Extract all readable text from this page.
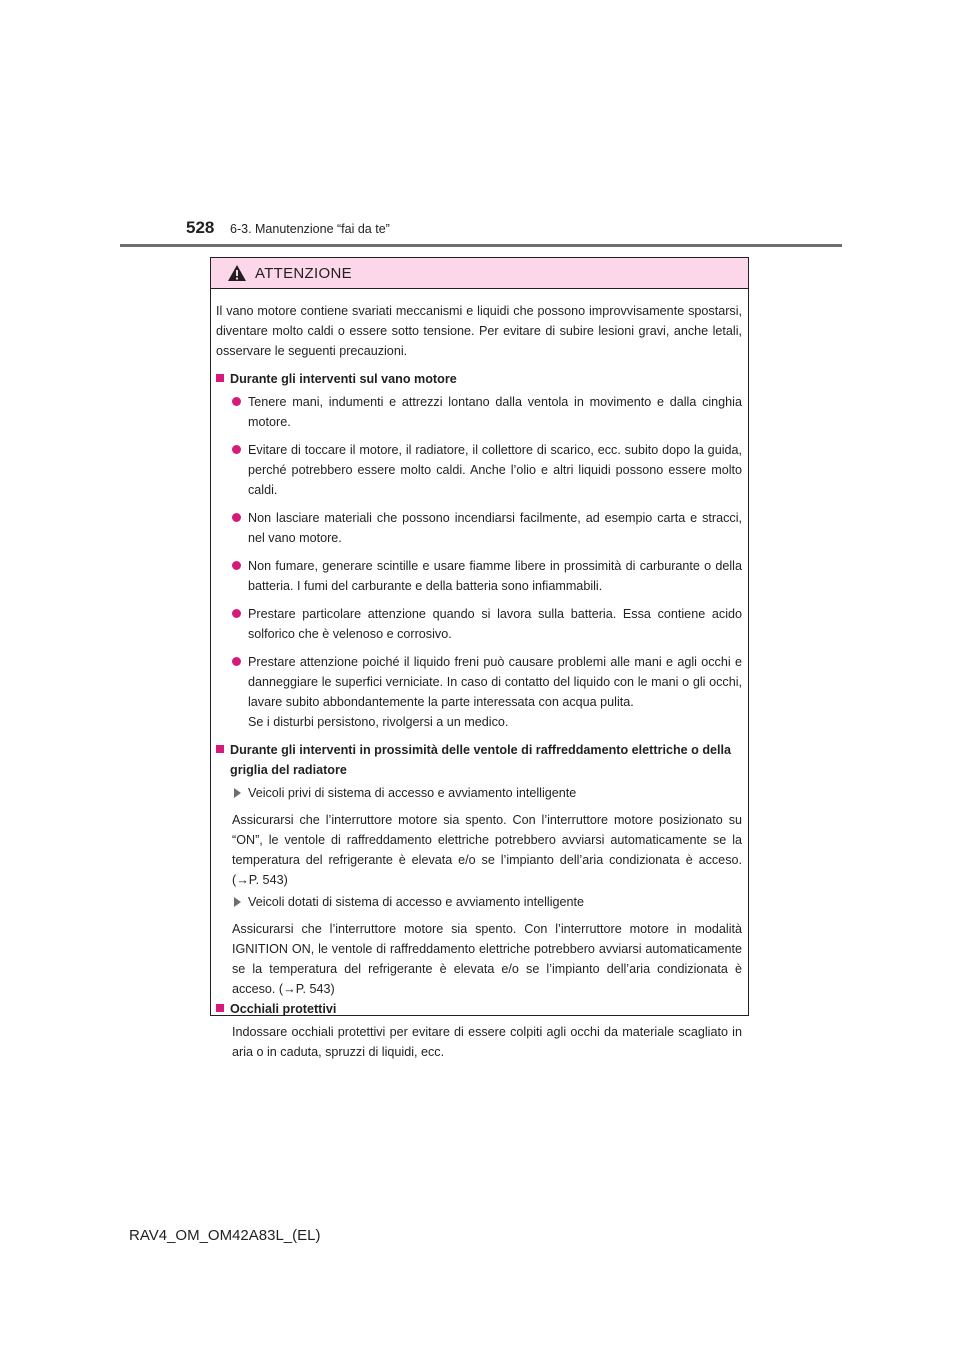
528 6-3. Manutenzione “fai da te”
ATTENZIONE

Il vano motore contiene svariati meccanismi e liquidi che possono improvvisamente spostarsi, diventare molto caldi o essere sotto tensione. Per evitare di subire lesioni gravi, anche letali, osservare le seguenti precauzioni.

Durante gli interventi sul vano motore
Tenere mani, indumenti e attrezzi lontano dalla ventola in movimento e dalla cinghia motore.
Evitare di toccare il motore, il radiatore, il collettore di scarico, ecc. subito dopo la guida, perché potrebbero essere molto caldi. Anche l’olio e altri liquidi possono essere molto caldi.
Non lasciare materiali che possono incendiarsi facilmente, ad esempio carta e stracci, nel vano motore.
Non fumare, generare scintille e usare fiamme libere in prossimità di carburante o della batteria. I fumi del carburante e della batteria sono infiammabili.
Prestare particolare attenzione quando si lavora sulla batteria. Essa contiene acido solforico che è velenoso e corrosivo.
Prestare attenzione poiché il liquido freni può causare problemi alle mani e agli occhi e danneggiare le superfici verniciate. In caso di contatto del liquido con le mani o gli occhi, lavare subito abbondantemente la parte interessata con acqua pulita.
Se i disturbi persistono, rivolgersi a un medico.
Durante gli interventi in prossimità delle ventole di raffreddamento elettriche o della griglia del radiatore
Veicoli privi di sistema di accesso e avviamento intelligente

Assicurarsi che l’interruttore motore sia spento. Con l’interruttore motore posizionato su “ON”, le ventole di raffreddamento elettriche potrebbero avviarsi automaticamente se la temperatura del refrigerante è elevata e/o se l’impianto dell’aria condizionata è acceso. (→P. 543)

Veicoli dotati di sistema di accesso e avviamento intelligente

Assicurarsi che l’interruttore motore sia spento. Con l’interruttore motore in modalità IGNITION ON, le ventole di raffreddamento elettriche potrebbero avviarsi automaticamente se la temperatura del refrigerante è elevata e/o se l’impianto dell’aria condizionata è acceso. (→P. 543)

Occhiali protettivi

Indossare occhiali protettivi per evitare di essere colpiti agli occhi da materiale scagliato in aria o in caduta, spruzzi di liquidi, ecc.

RAV4_OM_OM42A83L_(EL)
